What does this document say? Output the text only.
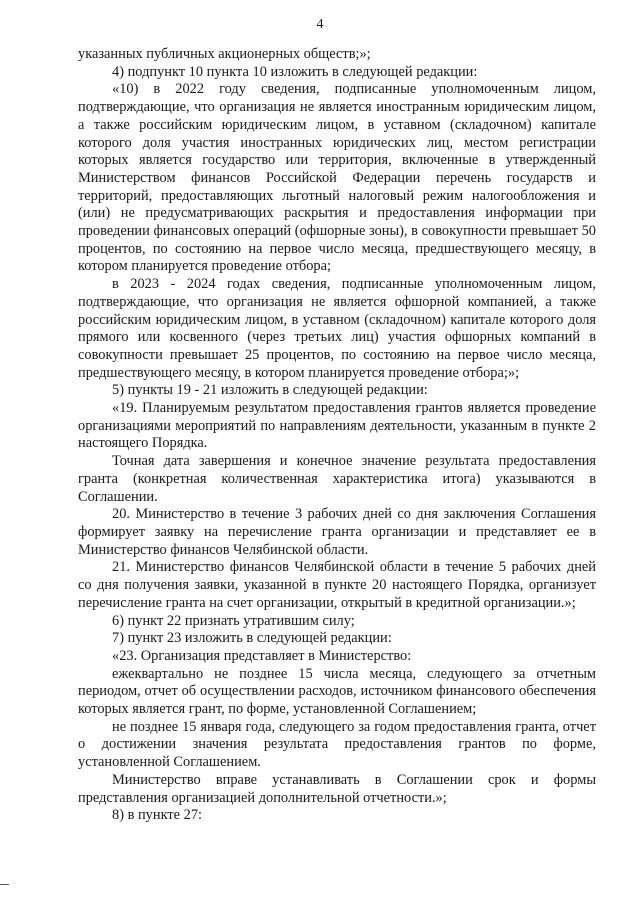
4

указанных публичных акционерных обществ;»;

4) подпункт 10 пункта 10 изложить в следующей редакции:

«10) в 2022 году сведения, подписанные уполномоченным лицом, подтверждающие, что организация не является иностранным юридическим лицом, а также российским юридическим лицом, в уставном (складочном) капитале которого доля участия иностранных юридических лиц, местом регистрации которых является государство или территория, включенные в утвержденный Министерством финансов Российской Федерации перечень государств и территорий, предоставляющих льготный налоговый режим налогообложения и (или) не предусматривающих раскрытия и предоставления информации при проведении финансовых операций (офшорные зоны), в совокупности превышает 50 процентов, по состоянию на первое число месяца, предшествующего месяцу, в котором планируется проведение отбора;

в 2023 - 2024 годах сведения, подписанные уполномоченным лицом, подтверждающие, что организация не является офшорной компанией, а также российским юридическим лицом, в уставном (складочном) капитале которого доля прямого или косвенного (через третьих лиц) участия офшорных компаний в совокупности превышает 25 процентов, по состоянию на первое число месяца, предшествующего месяцу, в котором планируется проведение отбора;»;

5) пункты 19 - 21 изложить в следующей редакции:

«19. Планируемым результатом предоставления грантов является проведение организациями мероприятий по направлениям деятельности, указанным в пункте 2 настоящего Порядка.

Точная дата завершения и конечное значение результата предоставления гранта (конкретная количественная характеристика итога) указываются в Соглашении.

20. Министерство в течение 3 рабочих дней со дня заключения Соглашения формирует заявку на перечисление гранта организации и представляет ее в Министерство финансов Челябинской области.

21. Министерство финансов Челябинской области в течение 5 рабочих дней со дня получения заявки, указанной в пункте 20 настоящего Порядка, организует перечисление гранта на счет организации, открытый в кредитной организации.»;

6) пункт 22 признать утратившим силу;

7) пункт 23 изложить в следующей редакции:

«23. Организация представляет в Министерство:

ежеквартально не позднее 15 числа месяца, следующего за отчетным периодом, отчет об осуществлении расходов, источником финансового обеспечения которых является грант, по форме, установленной Соглашением;

не позднее 15 января года, следующего за годом предоставления гранта, отчет о достижении значения результата предоставления грантов по форме, установленной Соглашением.

Министерство вправе устанавливать в Соглашении срок и формы представления организацией дополнительной отчетности.»;

8) в пункте 27:
